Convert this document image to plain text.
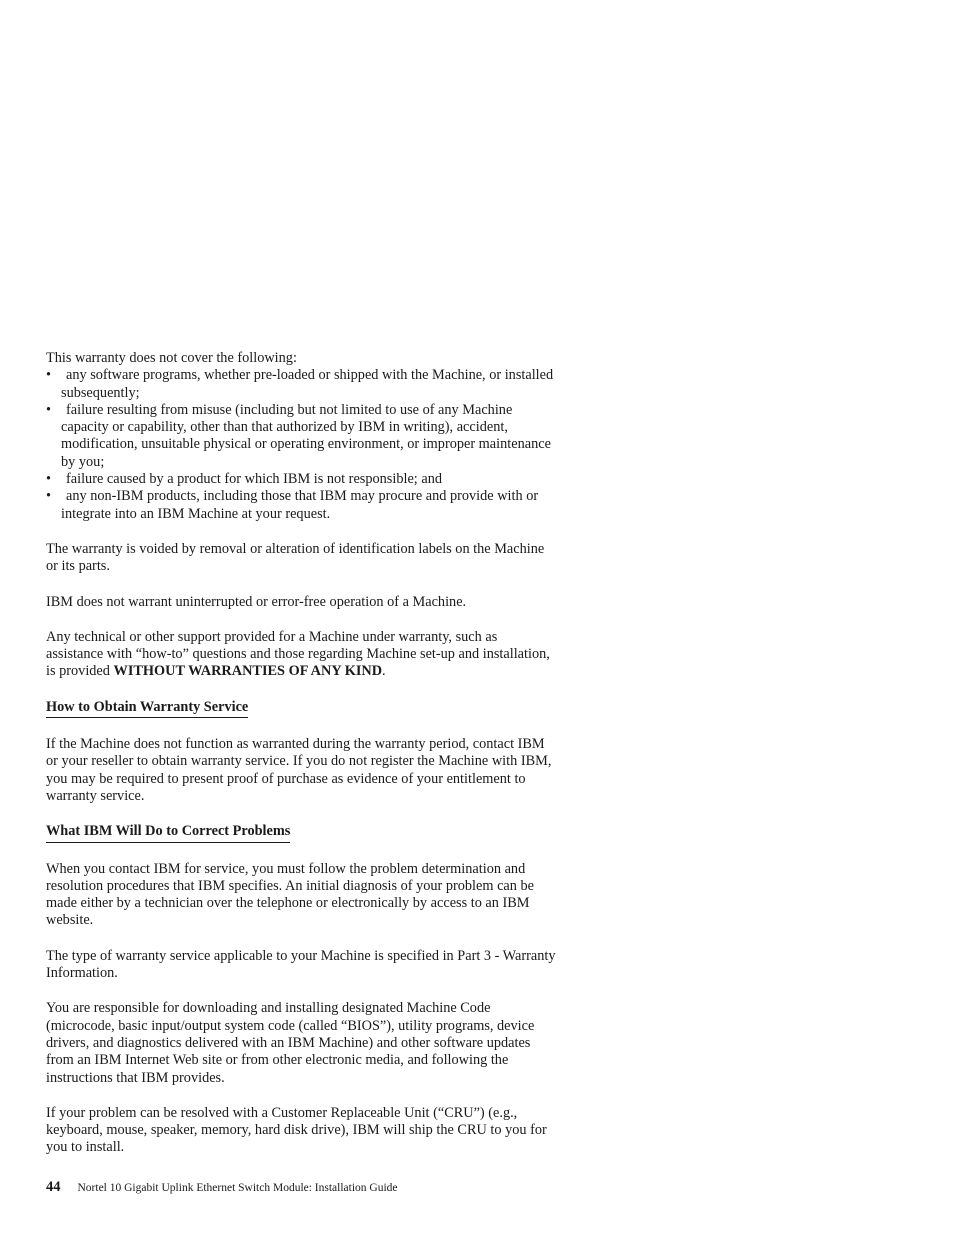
This warranty does not cover the following:

• any software programs, whether pre-loaded or shipped with the Machine, or installed subsequently;
• failure resulting from misuse (including but not limited to use of any Machine capacity or capability, other than that authorized by IBM in writing), accident, modification, unsuitable physical or operating environment, or improper maintenance by you;
• failure caused by a product for which IBM is not responsible; and
• any non-IBM products, including those that IBM may procure and provide with or integrate into an IBM Machine at your request.

The warranty is voided by removal or alteration of identification labels on the Machine or its parts.

IBM does not warrant uninterrupted or error-free operation of a Machine.

Any technical or other support provided for a Machine under warranty, such as assistance with “how-to” questions and those regarding Machine set-up and installation, is provided WITHOUT WARRANTIES OF ANY KIND.

How to Obtain Warranty Service

If the Machine does not function as warranted during the warranty period, contact IBM or your reseller to obtain warranty service. If you do not register the Machine with IBM, you may be required to present proof of purchase as evidence of your entitlement to warranty service.

What IBM Will Do to Correct Problems

When you contact IBM for service, you must follow the problem determination and resolution procedures that IBM specifies. An initial diagnosis of your problem can be made either by a technician over the telephone or electronically by access to an IBM website.

The type of warranty service applicable to your Machine is specified in Part 3 - Warranty Information.

You are responsible for downloading and installing designated Machine Code (microcode, basic input/output system code (called “BIOS”), utility programs, device drivers, and diagnostics delivered with an IBM Machine) and other software updates from an IBM Internet Web site or from other electronic media, and following the instructions that IBM provides.

If your problem can be resolved with a Customer Replaceable Unit (“CRU”) (e.g., keyboard, mouse, speaker, memory, hard disk drive), IBM will ship the CRU to you for you to install.

44 Nortel 10 Gigabit Uplink Ethernet Switch Module: Installation Guide
